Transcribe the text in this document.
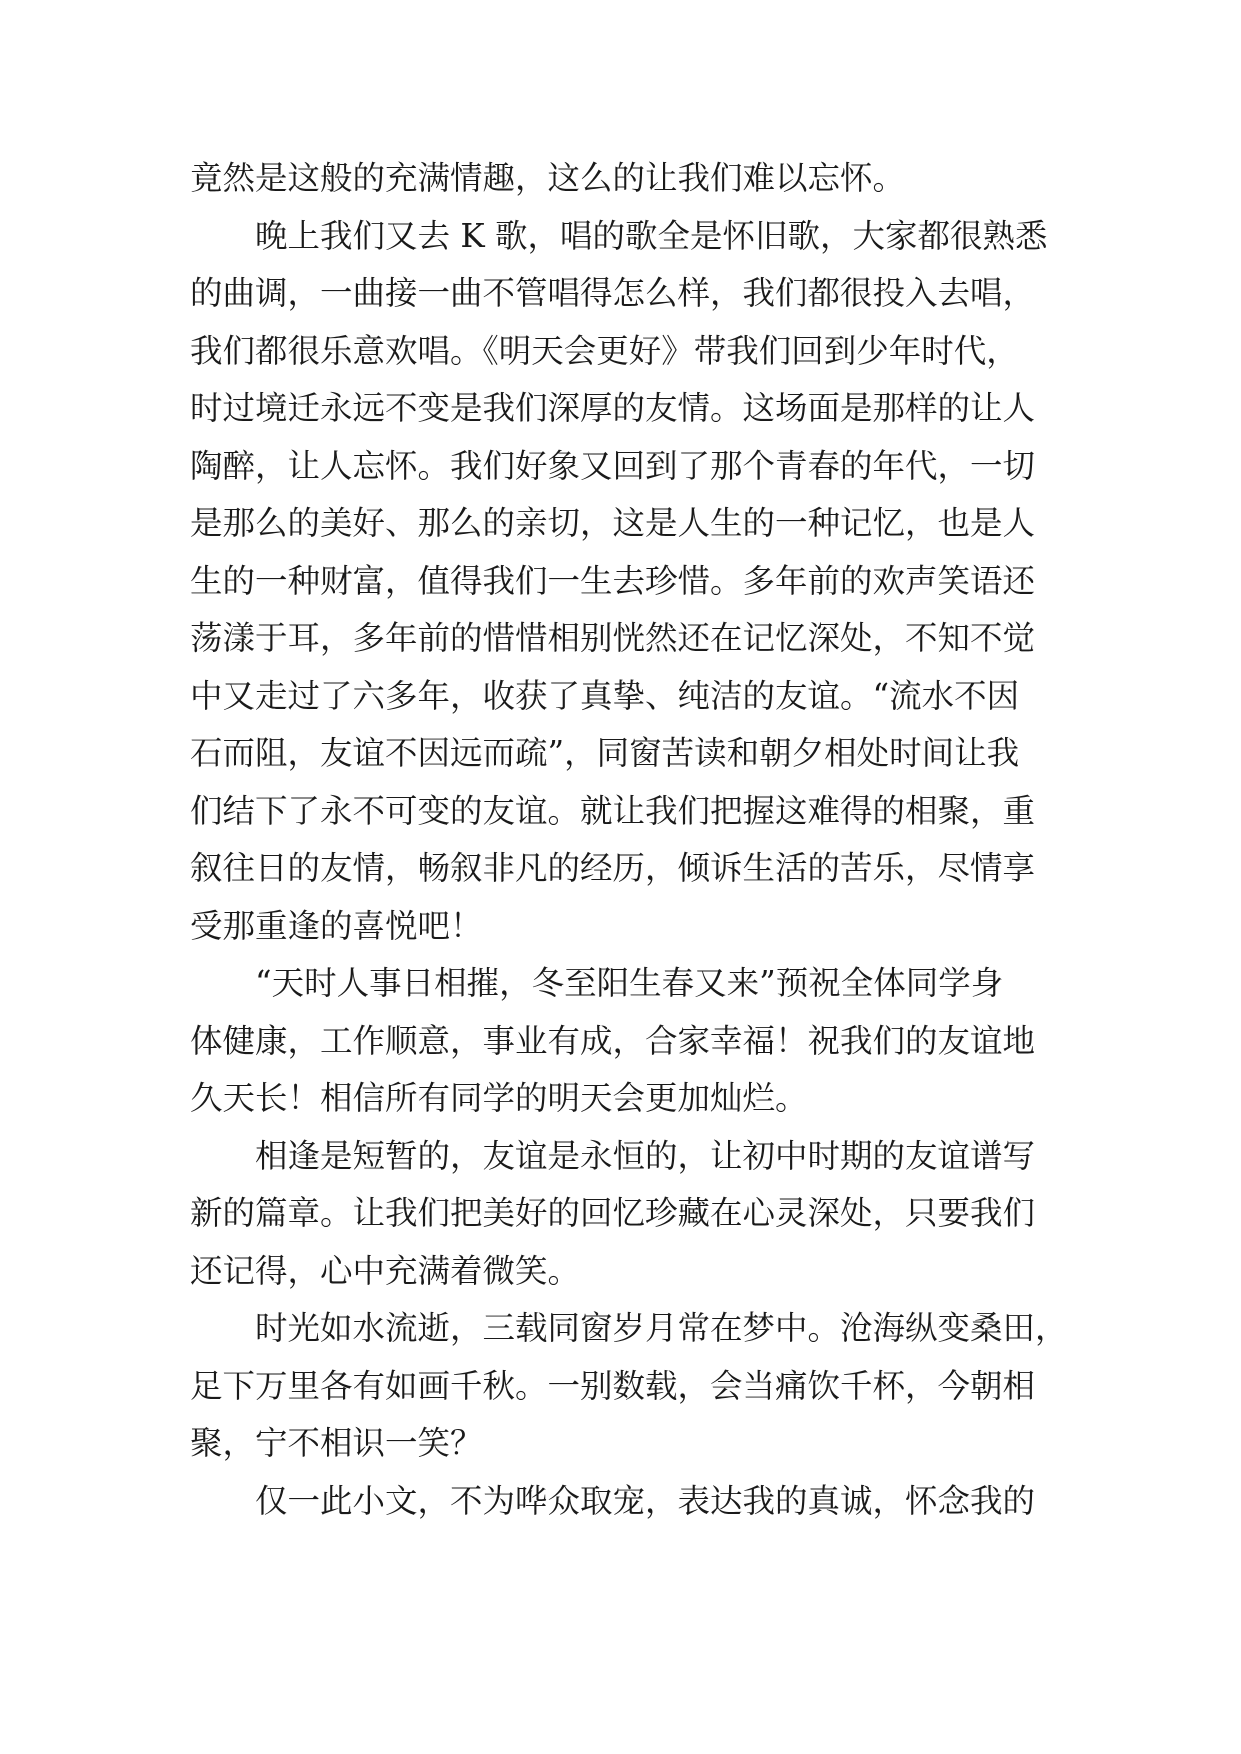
竟然是这般的充满情趣，这么的让我们难以忘怀。
晚上我们又去 K 歌，唱的歌全是怀旧歌，大家都很熟悉
的曲调，一曲接一曲不管唱得怎么样，我们都很投入去唱，
我们都很乐意欢唱。《明天会更好》带我们回到少年时代，
时过境迁永远不变是我们深厚的友情。这场面是那样的让人
陶醉，让人忘怀。我们好象又回到了那个青春的年代，一切
是那么的美好、那么的亲切，这是人生的一种记忆，也是人
生的一种财富，值得我们一生去珍惜。多年前的欢声笑语还
荡漾于耳，多年前的惜惜相别恍然还在记忆深处，不知不觉
中又走过了六多年，收获了真挚、纯洁的友谊。“流水不因
石而阻，友谊不因远而疏”，同窗苦读和朝夕相处时间让我
们结下了永不可变的友谊。就让我们把握这难得的相聚，重
叙往日的友情，畅叙非凡的经历，倾诉生活的苦乐，尽情享
受那重逢的喜悦吧！
“天时人事日相摧，冬至阳生春又来”预祝全体同学身
体健康，工作顺意，事业有成，合家幸福！祝我们的友谊地
久天长！相信所有同学的明天会更加灿烂。
相逢是短暂的，友谊是永恒的，让初中时期的友谊谱写
新的篇章。让我们把美好的回忆珍藏在心灵深处，只要我们
还记得，心中充满着微笑。
时光如水流逝，三载同窗岁月常在梦中。沧海纵变桑田，
足下万里各有如画千秋。一别数载，会当痛饮千杯，今朝相
聚，宁不相识一笑？
仅一此小文，不为哗众取宠，表达我的真诚，怀念我的
